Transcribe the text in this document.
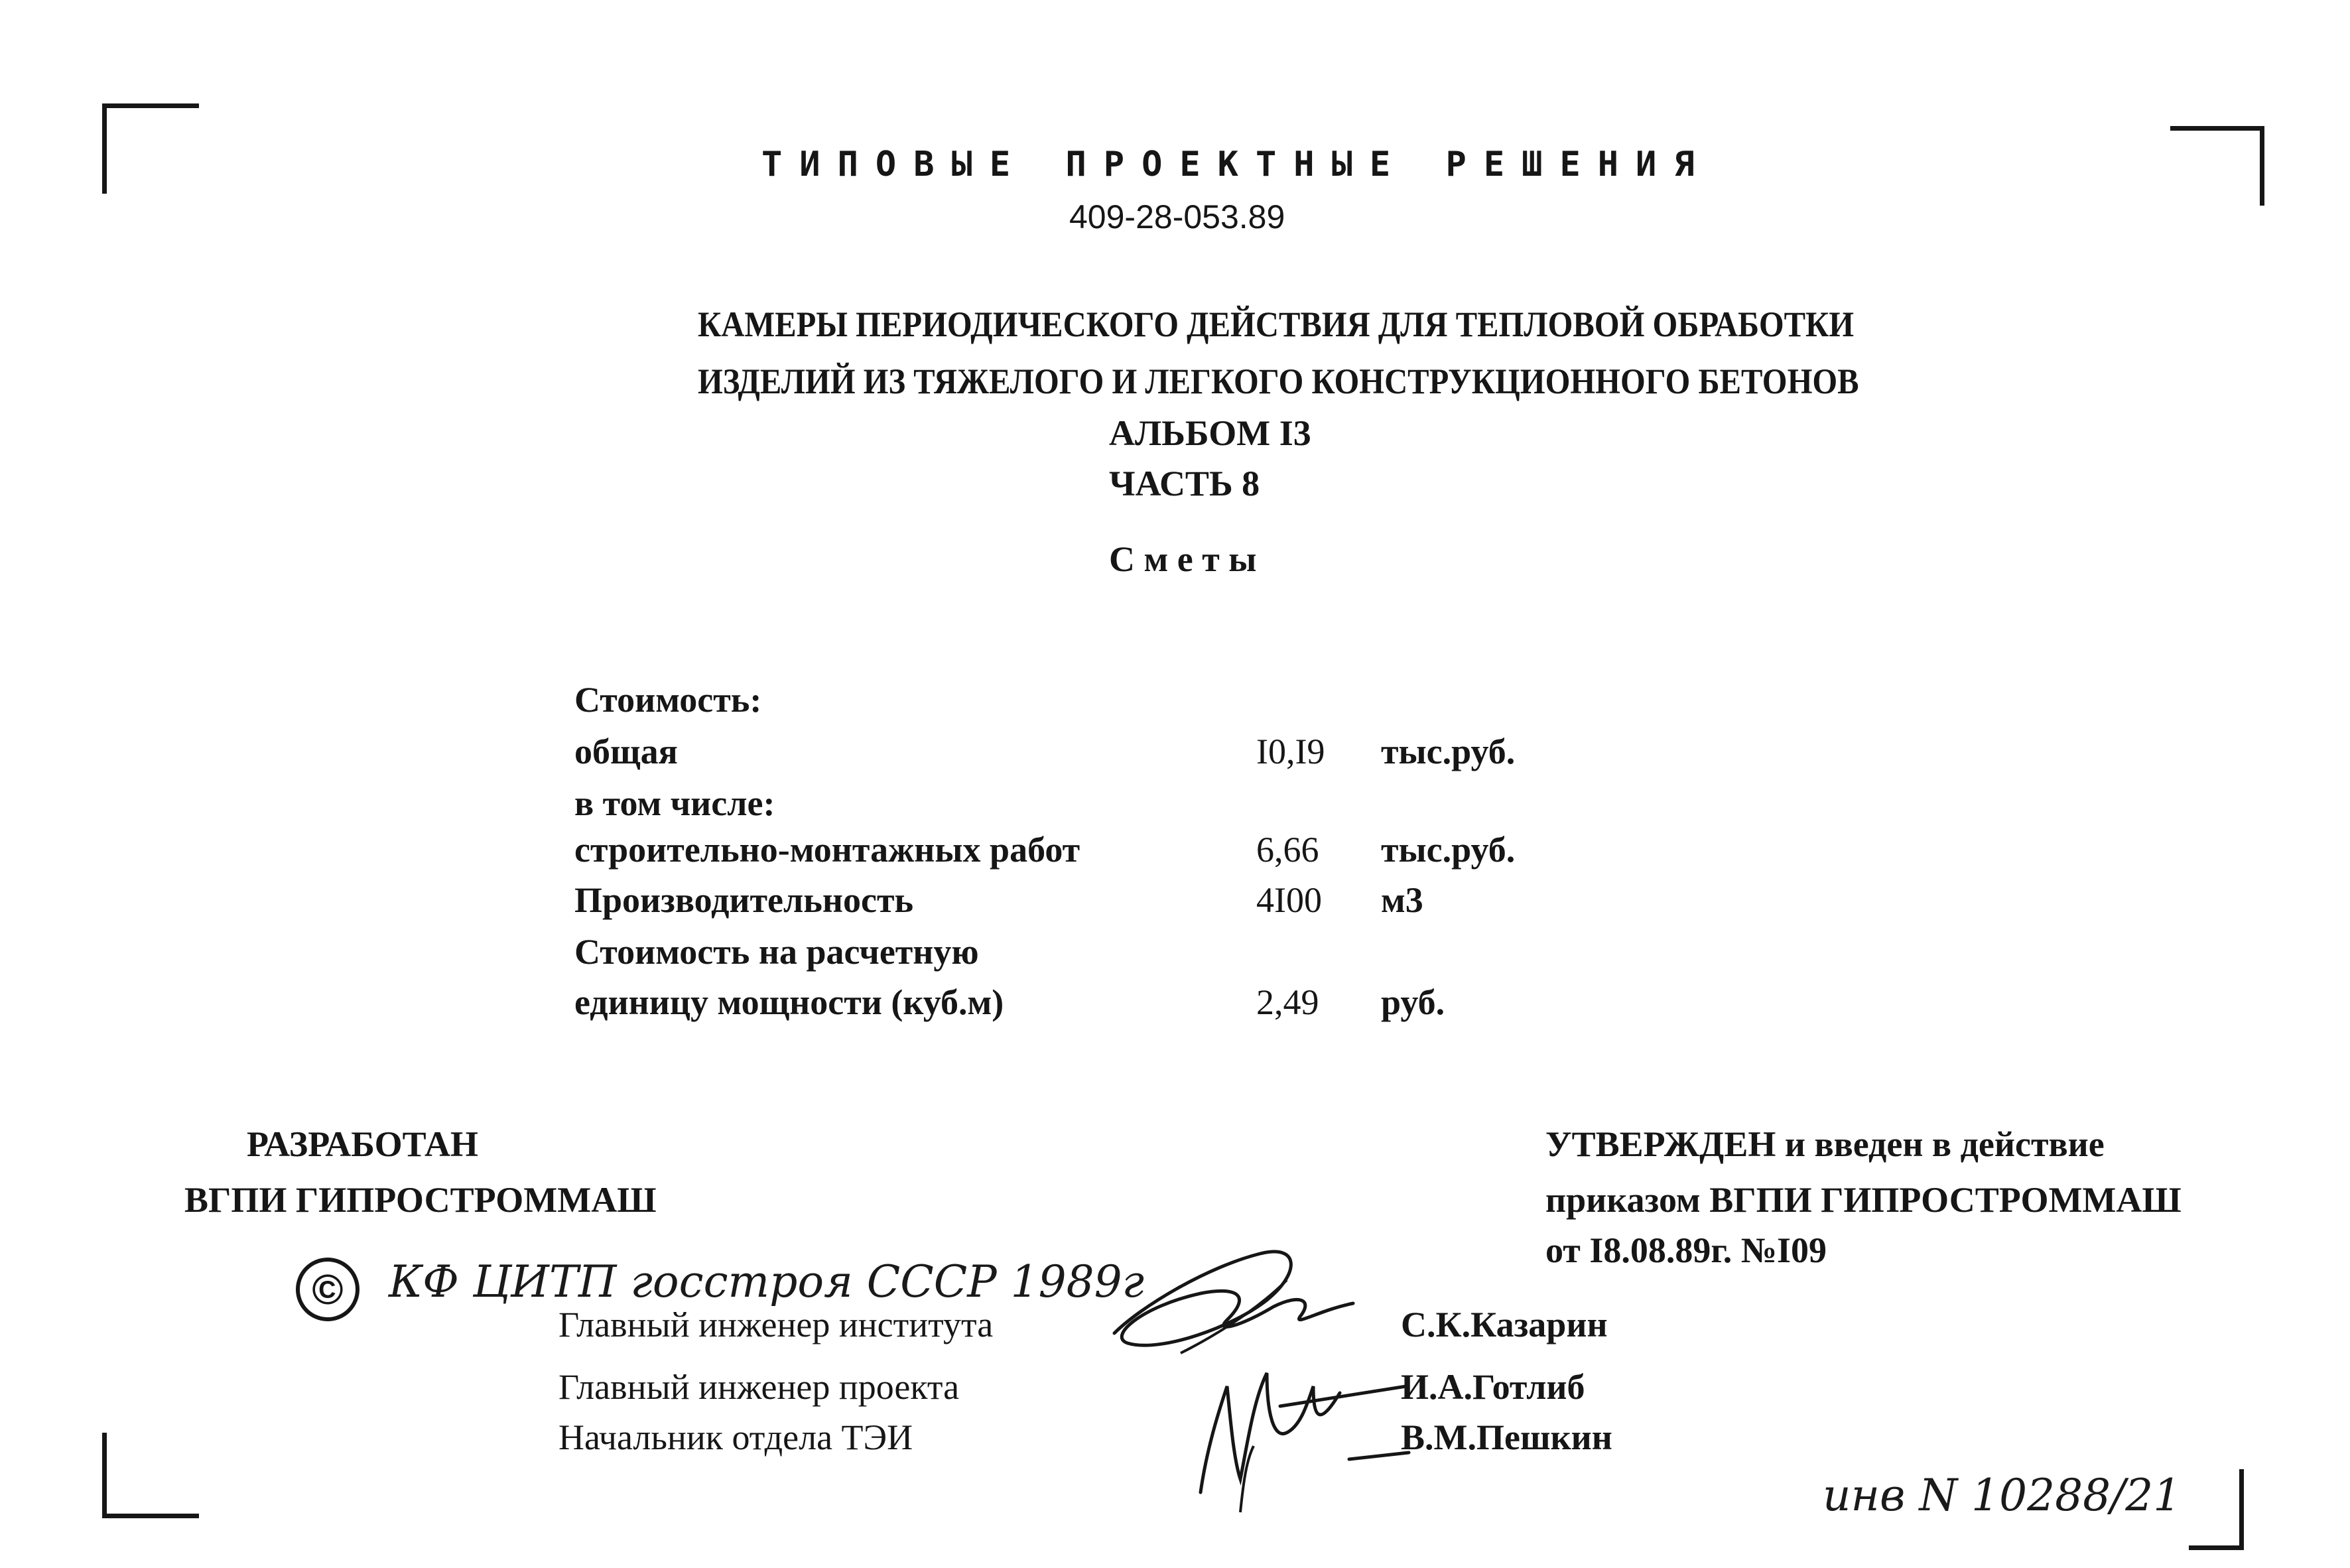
ТИПОВЫЕ ПРОЕКТНЫЕ РЕШЕНИЯ
409-28-053.89
КАМЕРЫ ПЕРИОДИЧЕСКОГО ДЕЙСТВИЯ ДЛЯ ТЕПЛОВОЙ ОБРАБОТКИ
ИЗДЕЛИЙ ИЗ ТЯЖЕЛОГО И ЛЕГКОГО КОНСТРУКЦИОННОГО БЕТОНОВ
АЛЬБОМ I3
ЧАСТЬ 8
С м е т ы
Стоимость:
общая	I0,I9 тыс.руб.
в том числе:
строительно-монтажных работ	6,66 тыс.руб.
Производительность	4I00 м3
Стоимость на расчетную
единицу мощности (куб.м)	2,49 руб.
РАЗРАБОТАН
ВГПИ ГИПРОСТРОММАШ
УТВЕРЖДЕН и введен в действие
приказом ВГПИ ГИПРОСТРОММАШ
от I8.08.89г. №I09
©	КФ ЦИТП госстроя СССР 1989г
Главный инженер института	С.К.Казарин
Главный инженер проекта	И.А.Готлиб
Начальник отдела ТЭИ	В.М.Пешкин
инв N 10288/21
